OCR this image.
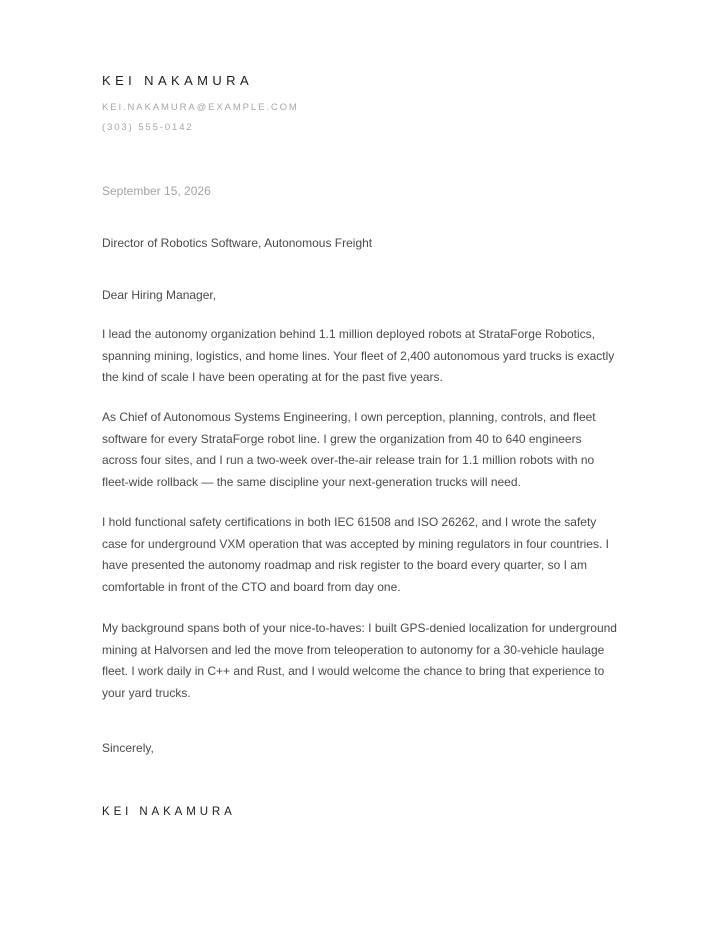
KEI NAKAMURA
KEI.NAKAMURA@EXAMPLE.COM
(303) 555-0142
September 15, 2026
Director of Robotics Software, Autonomous Freight
Dear Hiring Manager,

I lead the autonomy organization behind 1.1 million deployed robots at StrataForge Robotics, spanning mining, logistics, and home lines. Your fleet of 2,400 autonomous yard trucks is exactly the kind of scale I have been operating at for the past five years.

As Chief of Autonomous Systems Engineering, I own perception, planning, controls, and fleet software for every StrataForge robot line. I grew the organization from 40 to 640 engineers across four sites, and I run a two-week over-the-air release train for 1.1 million robots with no fleet-wide rollback — the same discipline your next-generation trucks will need.

I hold functional safety certifications in both IEC 61508 and ISO 26262, and I wrote the safety case for underground VXM operation that was accepted by mining regulators in four countries. I have presented the autonomy roadmap and risk register to the board every quarter, so I am comfortable in front of the CTO and board from day one.

My background spans both of your nice-to-haves: I built GPS-denied localization for underground mining at Halvorsen and led the move from teleoperation to autonomy for a 30-vehicle haulage fleet. I work daily in C++ and Rust, and I would welcome the chance to bring that experience to your yard trucks.

Sincerely,
KEI NAKAMURA
